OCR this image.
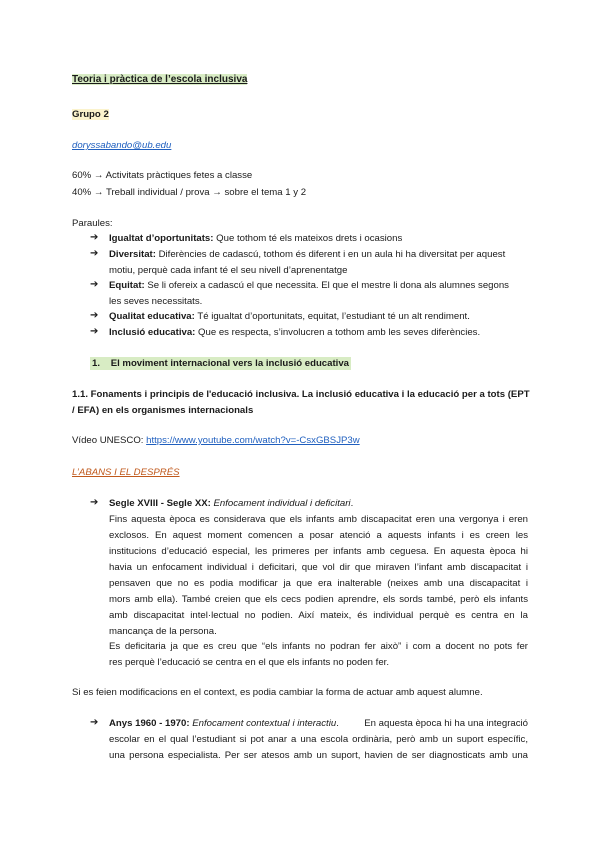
Teoria i pràctica de l’escola inclusiva
Grupo 2
doryssabando@ub.edu
60% → Activitats pràctiques fetes a classe
40% → Treball individual / prova → sobre el tema 1 y 2
Paraules:
➔ Igualtat d’oportunitats: Que tothom té els mateixos drets i ocasions
➔ Diversitat: Diferències de cadascú, tothom és diferent i en un aula hi ha diversitat per aquest
motiu, perquè cada infant té el seu nivell d’aprenentatge
➔ Equitat: Se li ofereix a cadascú el que necessita. El que el mestre li dona als alumnes segons
les seves necessitats.
➔ Qualitat educativa: Té igualtat d’oportunitats, equitat, l’estudiant té un alt rendiment.
➔ Inclusió educativa: Que es respecta, s’involucren a tothom amb les seves diferències.
1. El moviment internacional vers la inclusió educativa
1.1. Fonaments i principis de l'educació inclusiva. La inclusió educativa i la educació per a tots (EPT
/ EFA) en els organismes internacionals
Vídeo UNESCO: https://www.youtube.com/watch?v=-CsxGBSJP3w
L’ABANS I EL DESPRÉS
➔ Segle XVIII - Segle XX: Enfocament individual i deficitari.
Fins aquesta època es considerava que els infants amb discapacitat eren una vergonya i eren
exclosos. En aquest moment comencen a posar atenció a aquests infants i es creen les
institucions d’educació especial, les primeres per infants amb ceguesa. En aquesta època hi
havia un enfocament individual i deficitari, que vol dir que miraven l’infant amb discapacitat i
pensaven que no es podia modificar ja que era inalterable (neixes amb una discapacitat i
mors amb ella). També creien que els cecs podien aprendre, els sords també, però els infants
amb discapacitat intel·lectual no podien. Així mateix, és individual perquè es centra en la
mancança de la persona.
Es deficitaria ja que es creu que “els infants no podran fer això” i com a docent no pots fer
res perquè l’educació se centra en el que els infants no poden fer.
Si es feien modificacions en el context, es podia cambiar la forma de actuar amb aquest alumne.
➔ Anys 1960 - 1970: Enfocament contextual i interactiu.	En aquesta època hi ha una integració
escolar en el qual l’estudiant si pot anar a una escola ordinària, però amb un suport específic,
una persona especialista. Per ser atesos amb un suport, havien de ser diagnosticats amb una
